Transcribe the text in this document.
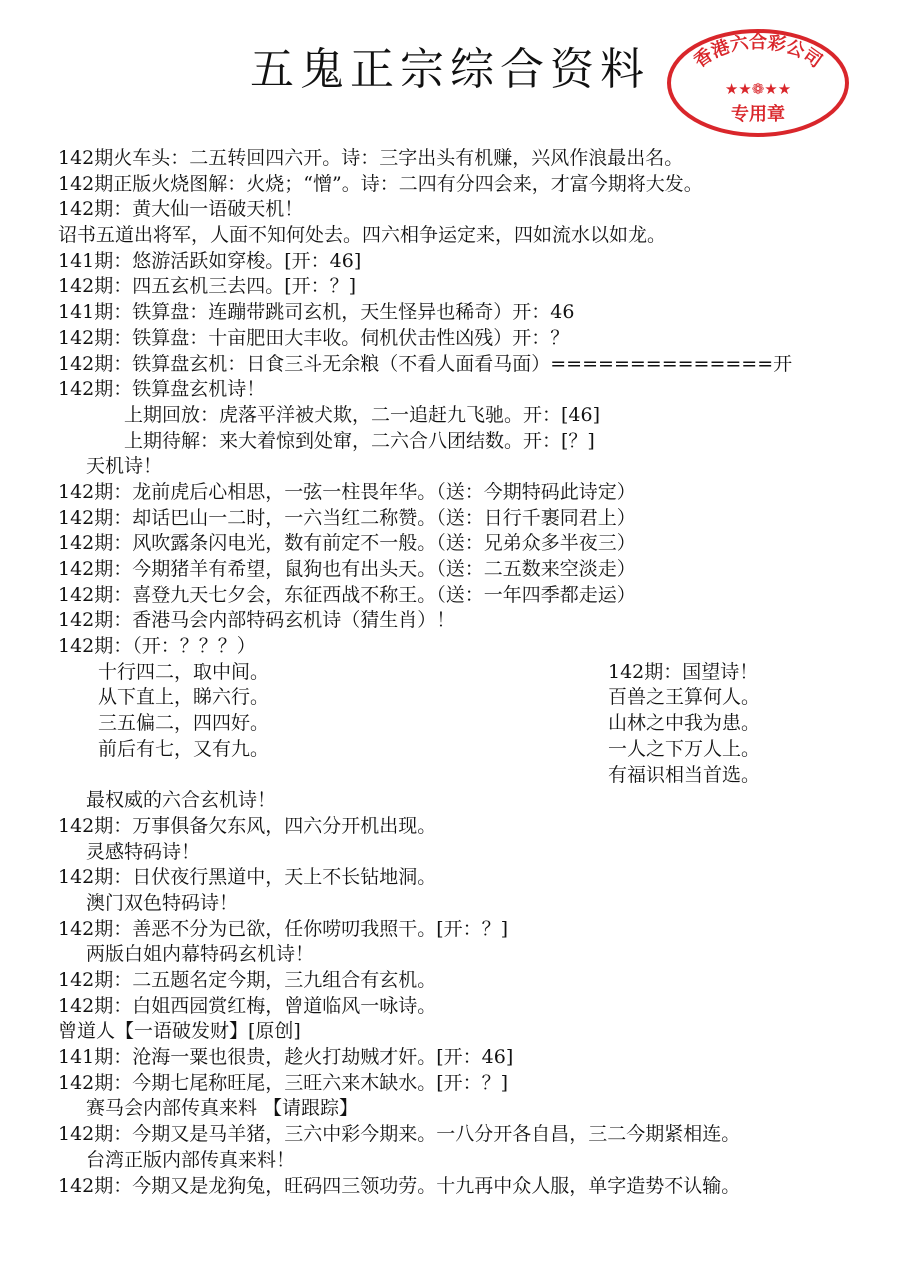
五鬼正宗综合资料	香港六合彩公司
★★❁★★
专用章
142期火车头：二五转回四六开。诗：三字出头有机赚，兴风作浪最出名。
142期正版火烧图解：火烧；“憎”。诗：二四有分四会来，才富今期将大发。
142期：黄大仙一语破天机！
诏书五道出将军，人面不知何处去。四六相争运定来，四如流水以如龙。
141期：悠游活跃如穿梭。[开：46]
142期：四五玄机三去四。[开：？]
141期：铁算盘：连蹦带跳司玄机，天生怪异也稀奇）开：46
142期：铁算盘：十亩肥田大丰收。伺机伏击性凶残）开：？
142期：铁算盘玄机：日食三斗无余粮（不看人面看马面）==============开
142期：铁算盘玄机诗！
上期回放：虎落平洋被犬欺，二一追赶九飞驰。开：[46]
上期待解：来大着惊到处窜，二六合八团结数。开：[？]
天机诗！
142期：龙前虎后心相思，一弦一柱畏年华。（送：今期特码此诗定）
142期：却话巴山一二时，一六当红二称赞。（送：日行千裹同君上）
142期：风吹露条闪电光，数有前定不一般。（送：兄弟众多半夜三）
142期：今期猪羊有希望，鼠狗也有出头天。（送：二五数来空淡走）
142期：喜登九天七夕会，东征西战不称王。（送：一年四季都走运）
142期：香港马会内部特码玄机诗（猜生肖）！
142期：（开：？？？）
十行四二，取中间。
从下直上，睇六行。
三五偏二，四四好。
前后有七，又有九。
142期：国望诗！
百兽之王算何人。
山林之中我为患。
一人之下万人上。
有福识相当首选。
最权威的六合玄机诗！
142期：万事俱备欠东风，四六分开机出现。
灵感特码诗！
142期：日伏夜行黑道中，天上不长钻地洞。
澳门双色特码诗！
142期：善恶不分为已欲，任你唠叨我照干。[开：？]
两版白姐内幕特码玄机诗！
142期：二五题名定今期，三九组合有玄机。
142期：白姐西园赏红梅，曾道临风一咏诗。
曾道人【一语破发财】[原创]
141期：沧海一粟也很贵，趁火打劫贼才奸。[开：46]
142期：今期七尾称旺尾，三旺六来木缺水。[开：？]
赛马会内部传真来料 【请跟踪】
142期：今期又是马羊猪，三六中彩今期来。一八分开各自昌，三二今期紧相连。
台湾正版内部传真来料！
142期：今期又是龙狗兔，旺码四三领功劳。十九再中众人服，单字造势不认输。
